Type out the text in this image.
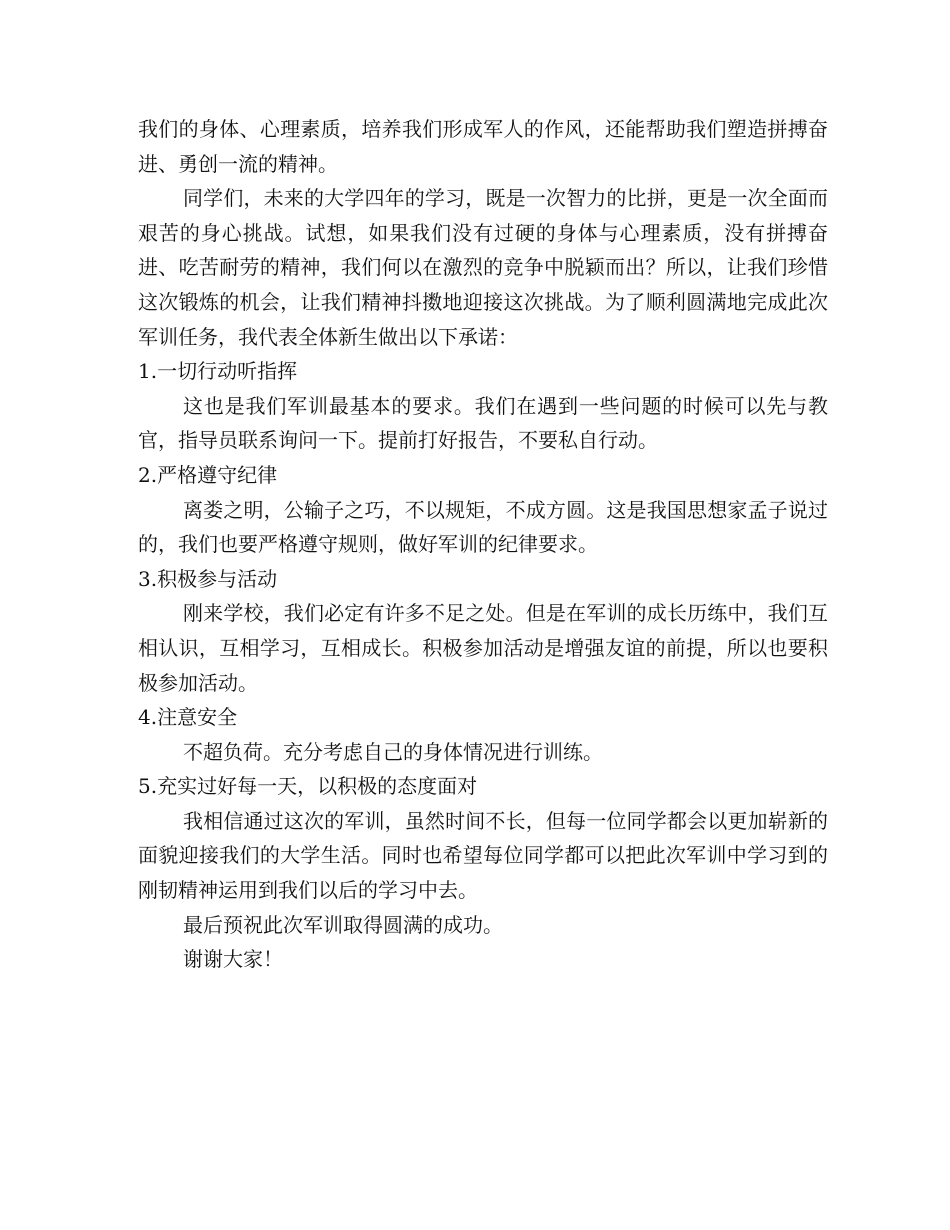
我们的身体、心理素质，培养我们形成军人的作风，还能帮助我们塑造拼搏奋进、勇创一流的精神。

同学们，未来的大学四年的学习，既是一次智力的比拼，更是一次全面而艰苦的身心挑战。试想，如果我们没有过硬的身体与心理素质，没有拼搏奋进、吃苦耐劳的精神，我们何以在激烈的竞争中脱颖而出？所以，让我们珍惜这次锻炼的机会，让我们精神抖擞地迎接这次挑战。为了顺利圆满地完成此次军训任务，我代表全体新生做出以下承诺：

1.一切行动听指挥

这也是我们军训最基本的要求。我们在遇到一些问题的时候可以先与教官，指导员联系询问一下。提前打好报告，不要私自行动。

2.严格遵守纪律

离娄之明，公输子之巧，不以规矩，不成方圆。这是我国思想家孟子说过的，我们也要严格遵守规则，做好军训的纪律要求。

3.积极参与活动

刚来学校，我们必定有许多不足之处。但是在军训的成长历练中，我们互相认识，互相学习，互相成长。积极参加活动是增强友谊的前提，所以也要积极参加活动。

4.注意安全

不超负荷。充分考虑自己的身体情况进行训练。

5.充实过好每一天，以积极的态度面对

我相信通过这次的军训，虽然时间不长，但每一位同学都会以更加崭新的面貌迎接我们的大学生活。同时也希望每位同学都可以把此次军训中学习到的刚韧精神运用到我们以后的学习中去。

最后预祝此次军训取得圆满的成功。

谢谢大家！
